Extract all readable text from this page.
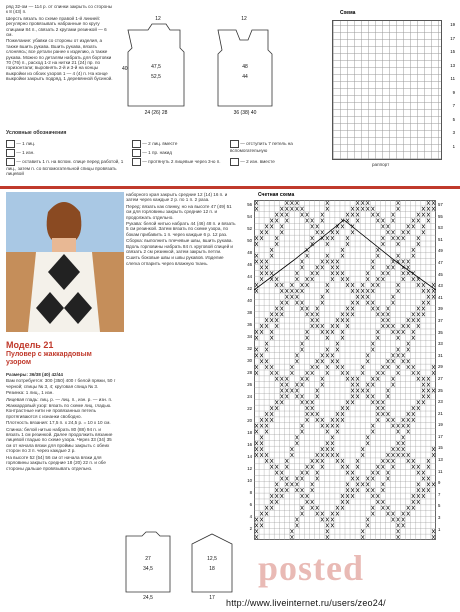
ряд 32-ом — 114 р. от спинки закрыть со стороны к 8 (43) п.

Шерсть вязать по схеме правой 1-й линией: регулярно провязывать набранные по кругу спицами 84 п., связать 2 кругами резинкой — 6 см.

Пожелание: убавки со стороны от изделия, а также вшить рукава. Вшить рукава, вязать слоняясь; все детали ранее к изделию, а также рукава. Можно по деталям набрать для бортовки 70 (76) п., расход 1-2 на нитки 21 (24) пр. по горизонтали; выровнять 2-й и 3-й на концы выкройки из обоих узоров 1 — 4 (4) п. На конце выкройки закрыть подряд, 1 деревянной бусиной.

12
24 (26) 28
40	47,5
52,5
12
36 (38) 40
48
44
Схема
19
17
15
13
11
9
7
5
3
1
раппорт
Условные обозначения
— 1 лиц.
— 1 изн.
— оставить 1 п. на вспом. спице перед работой, 1 лиц., затем п. со вспомогательной спицы провязать лицевой
— 2 лиц. вместе
— 1 пр. накид
— протянуть 2 лицевые через 3-ю п.
— отступить 7 петель на вспомогательную
— 2 изн. вместе
Модель 21
Пуловер с жаккардовым узором

Размеры: 36/38 (40) 42/44

Вам потребуется: 300 (350) 400 г белой пряжи, 50 г черной; спицы № 3, 4; круговая спица № 3.

Резинка: 1 лиц., 1 изн.

Лицевая гладь: лиц. р. — лиц. п., изн. р. — изн. п.

Жаккардовый узор: вязать по схеме лиц. гладью. Контрастные нити не провязанных петель протягиваются с изнанки свободно.

Плотность вязания: 17,5 п. x 24,5 р. = 10 x 10 см.

Спинка: белой нитью набрать 80 (88) 94 п. и вязать 1 см резинкой. Далее продолжить вязание лицевой гладью по схеме узора. Через 33 (34) 35 см от начала вязки для проймы закрыть с обеих сторон по 3 п. через каждые 2 р.

На высоте 52 (54) 56 см от начала вязки для горловины закрыть средние 18 (20) 22 п. и обе стороны дальше провязывать отдельно.

наборного края закрыть средние 12 (14) 16 п. и затем через каждые 2 р. по 1 п. 2 раза.

Перед: вязать как спинку, но на высоте 47 (49) 51 см для горловины закрыть средние 12 п. и продолжать отдельно.

Рукава: белой нитью набрать 44 (46) 48 п. и вязать 5 см резинкой. Затем вязать по схеме узора, по бокам прибавить 1 п. через каждые 6 р. 12 раз.

Сборка: выполнить плечевые швы, вшить рукава. Вдоль горловины набрать 84 п. круговой спицей и связать 2 см резинкой, затем закрыть петли.

Сшить боковые швы и швы рукавов. Изделие слегка отпарить через влажную ткань.

27
34,5
24,5
12,5
18
17
Счетная схема
56
54
52
50
48
46
44
42
40
38
36
34
32
30
28
26
24
22
20
18
16
14
12
10
8
6
4
2
57
55
53
51
49
47
45
43
41
39
37
35
33
31
29
27
25
23
21
19
17
15
13
11
9
7
5
3
1
posted
http://www.liveinternet.ru/users/zeo24/
